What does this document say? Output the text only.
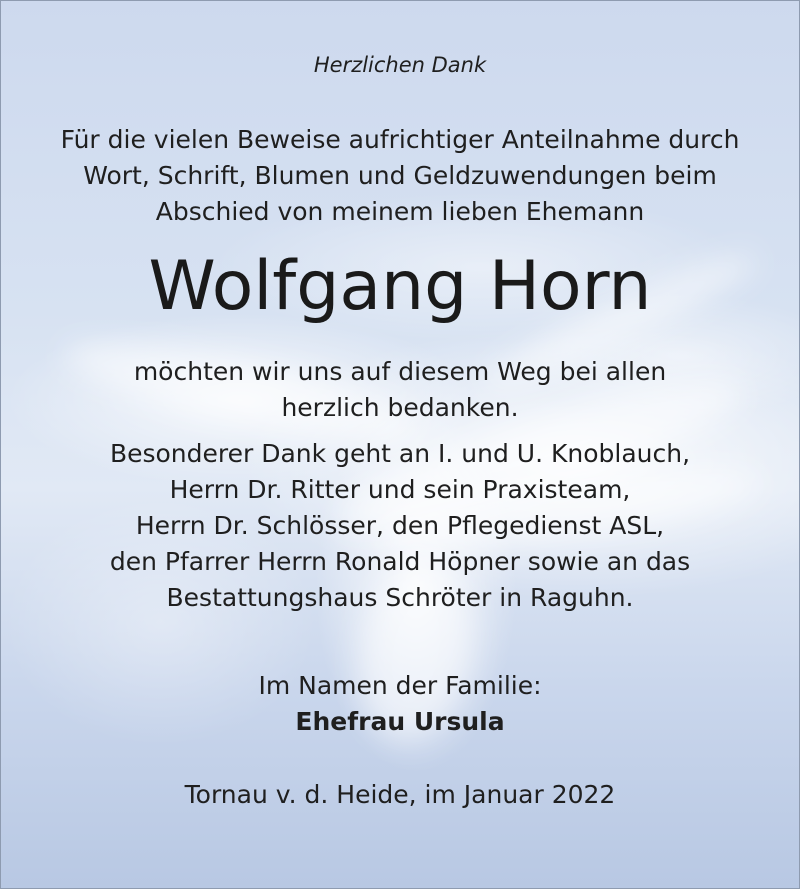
Herzlichen Dank
Für die vielen Beweise aufrichtiger Anteilnahme durch
Wort, Schrift, Blumen und Geldzuwendungen beim
Abschied von meinem lieben Ehemann
Wolfgang Horn
möchten wir uns auf diesem Weg bei allen
herzlich bedanken.
Besonderer Dank geht an I. und U. Knoblauch,
Herrn Dr. Ritter und sein Praxisteam,
Herrn Dr. Schlösser, den Pflegedienst ASL,
den Pfarrer Herrn Ronald Höpner sowie an das
Bestattungshaus Schröter in Raguhn.
Im Namen der Familie:
Ehefrau Ursula
Tornau v. d. Heide, im Januar 2022
